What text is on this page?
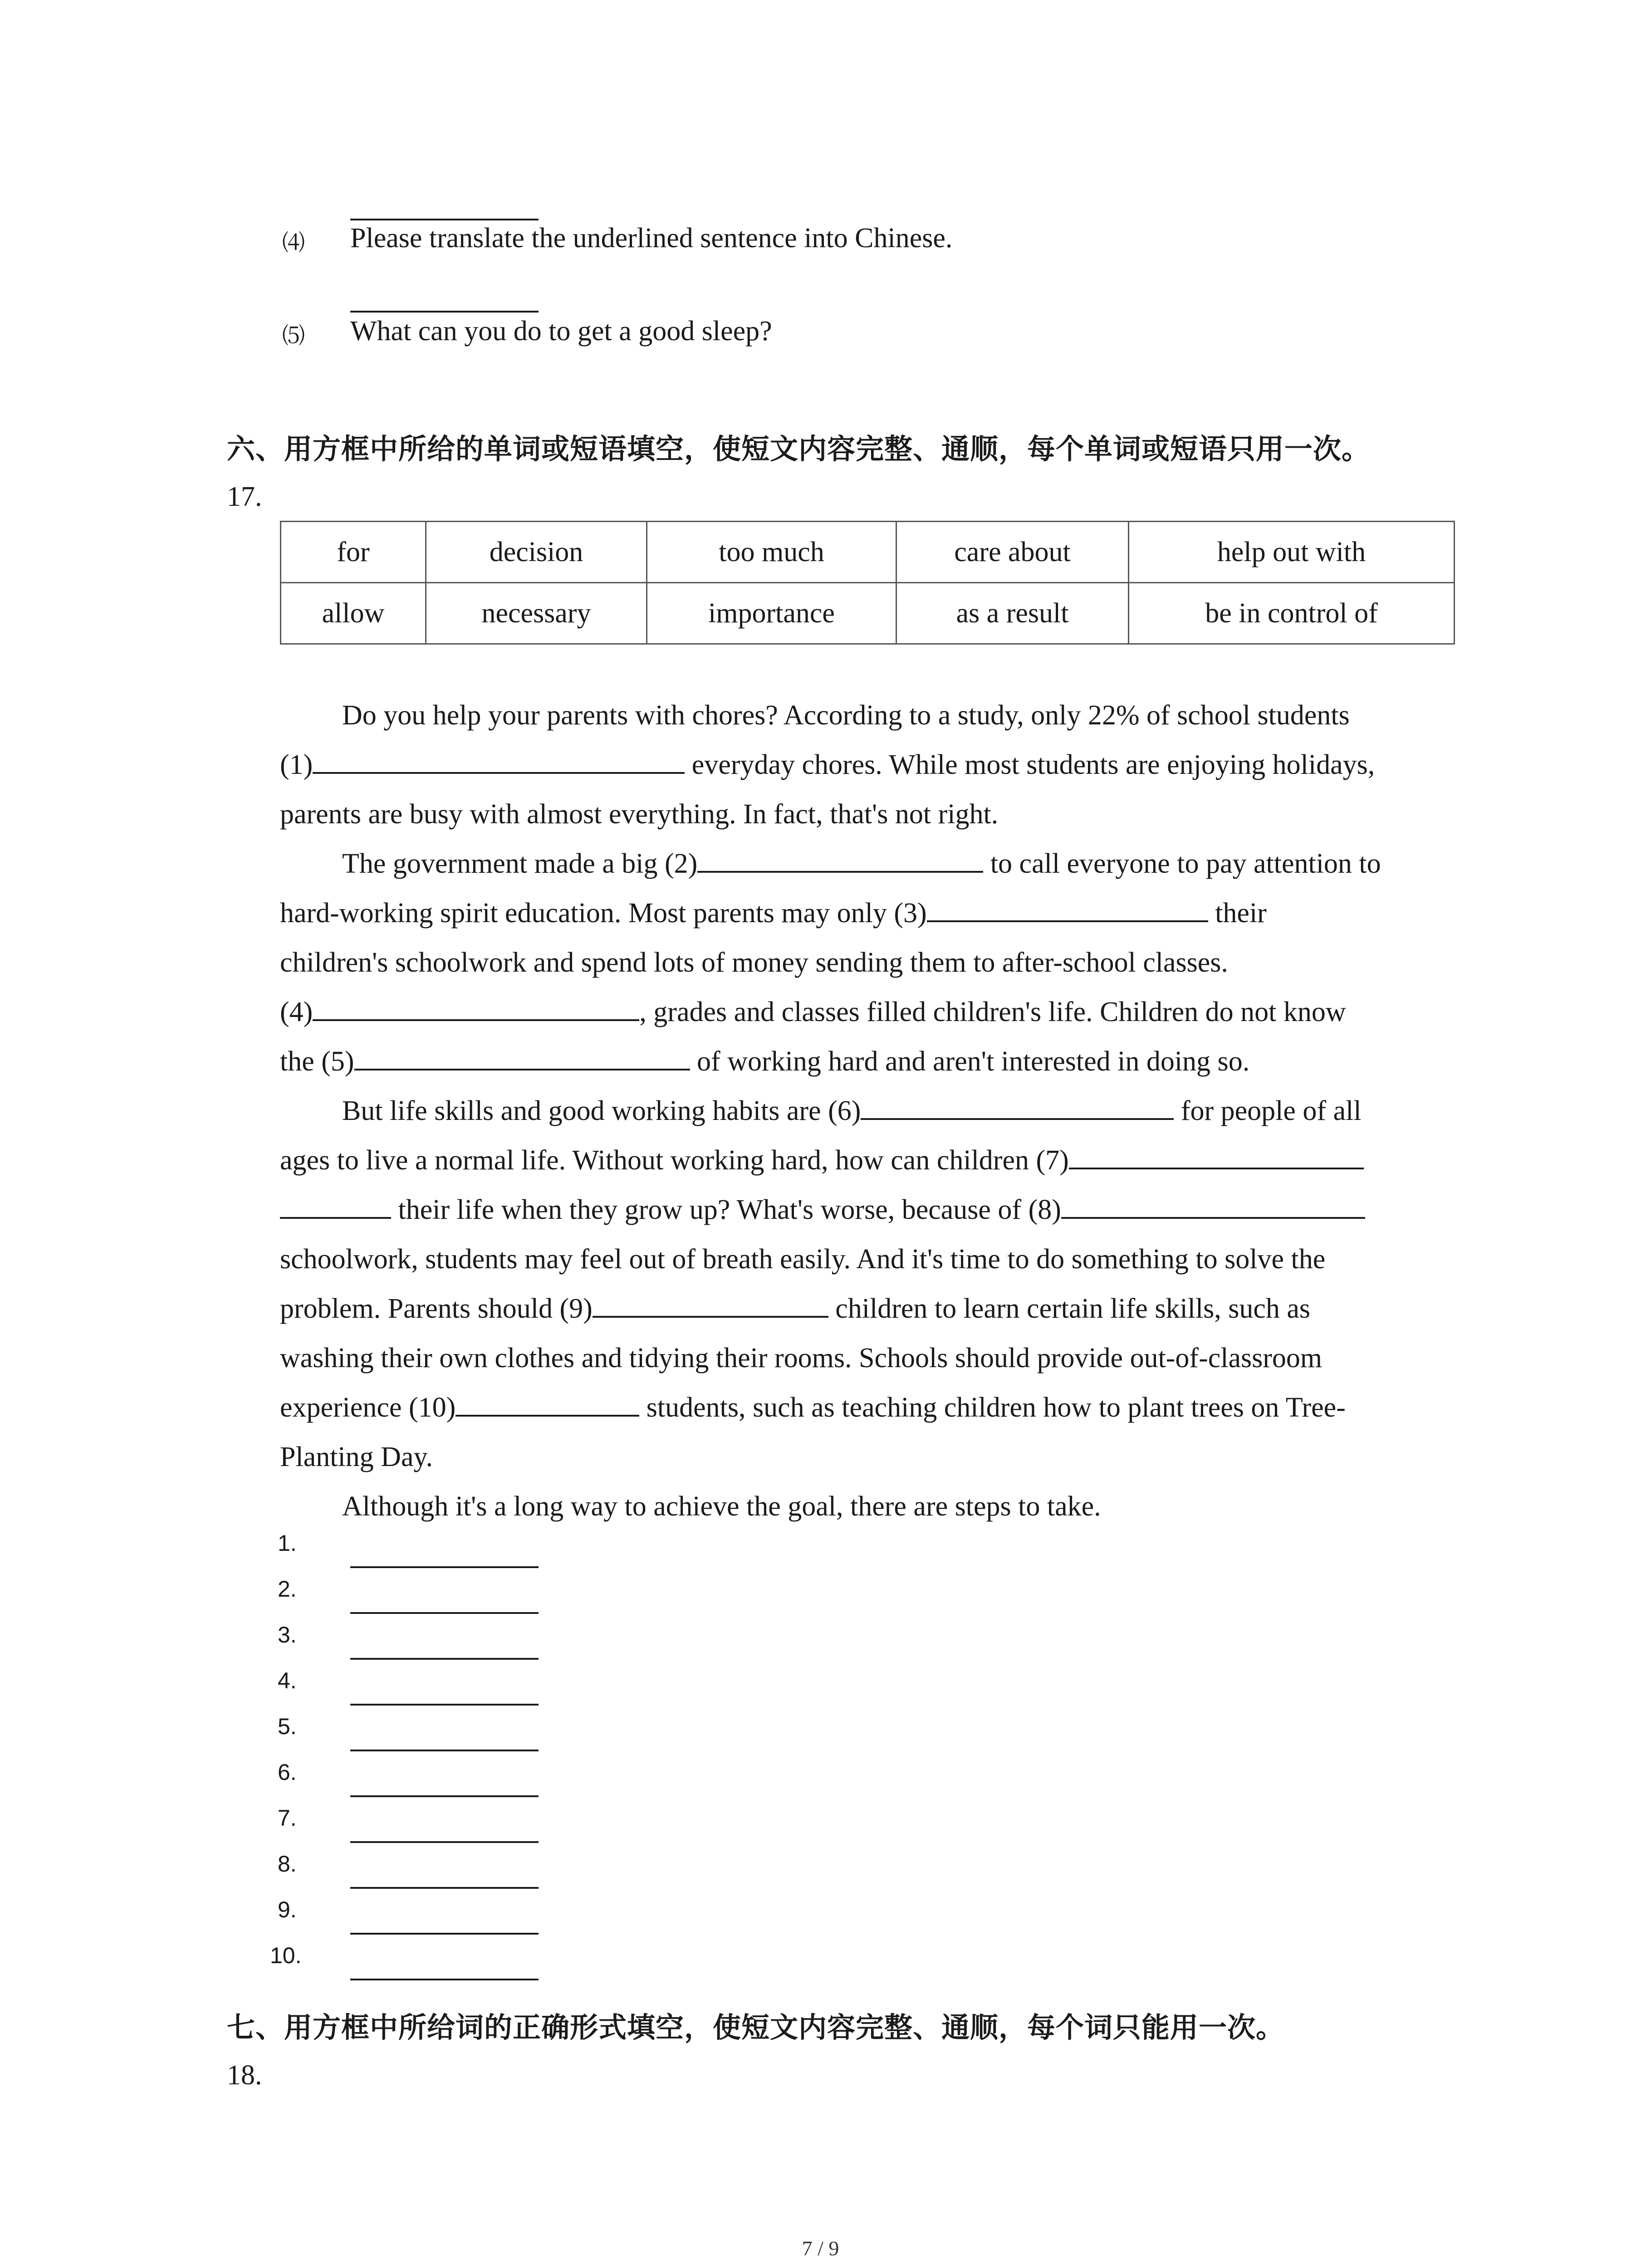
⑷ Please translate the underlined sentence into Chinese.
⑸ What can you do to get a good sleep?
六、用方框中所给的单词或短语填空，使短文内容完整、通顺，每个单词或短语只用一次。
17.
for	decision	too much	care about	help out with
allow	necessary	importance	as a result	be in control of
Do you help your parents with chores? According to a study, only 22% of school students
(1)	everyday chores. While most students are enjoying holidays,
parents are busy with almost everything. In fact, that's not right.
The government made a big (2)	to call everyone to pay attention to
hard-working spirit education. Most parents may only (3)	their
children's schoolwork and spend lots of money sending them to after-school classes.
(4)	, grades and classes filled children's life. Children do not know
the (5)	of working hard and aren't interested in doing so.
But life skills and good working habits are (6)	for people of all
ages to live a normal life. Without working hard, how can children (7)
their life when they grow up? What's worse, because of (8)
schoolwork, students may feel out of breath easily. And it's time to do something to solve the
problem. Parents should (9)	children to learn certain life skills, such as
washing their own clothes and tidying their rooms. Schools should provide out-of-classroom
experience (10)	students, such as teaching children how to plant trees on Tree-
Planting Day.
Although it's a long way to achieve the goal, there are steps to take.
1.
2.
3.
4.
5.
6.
7.
8.
9.
10.
七、用方框中所给词的正确形式填空，使短文内容完整、通顺，每个词只能用一次。
18.
7 / 9
